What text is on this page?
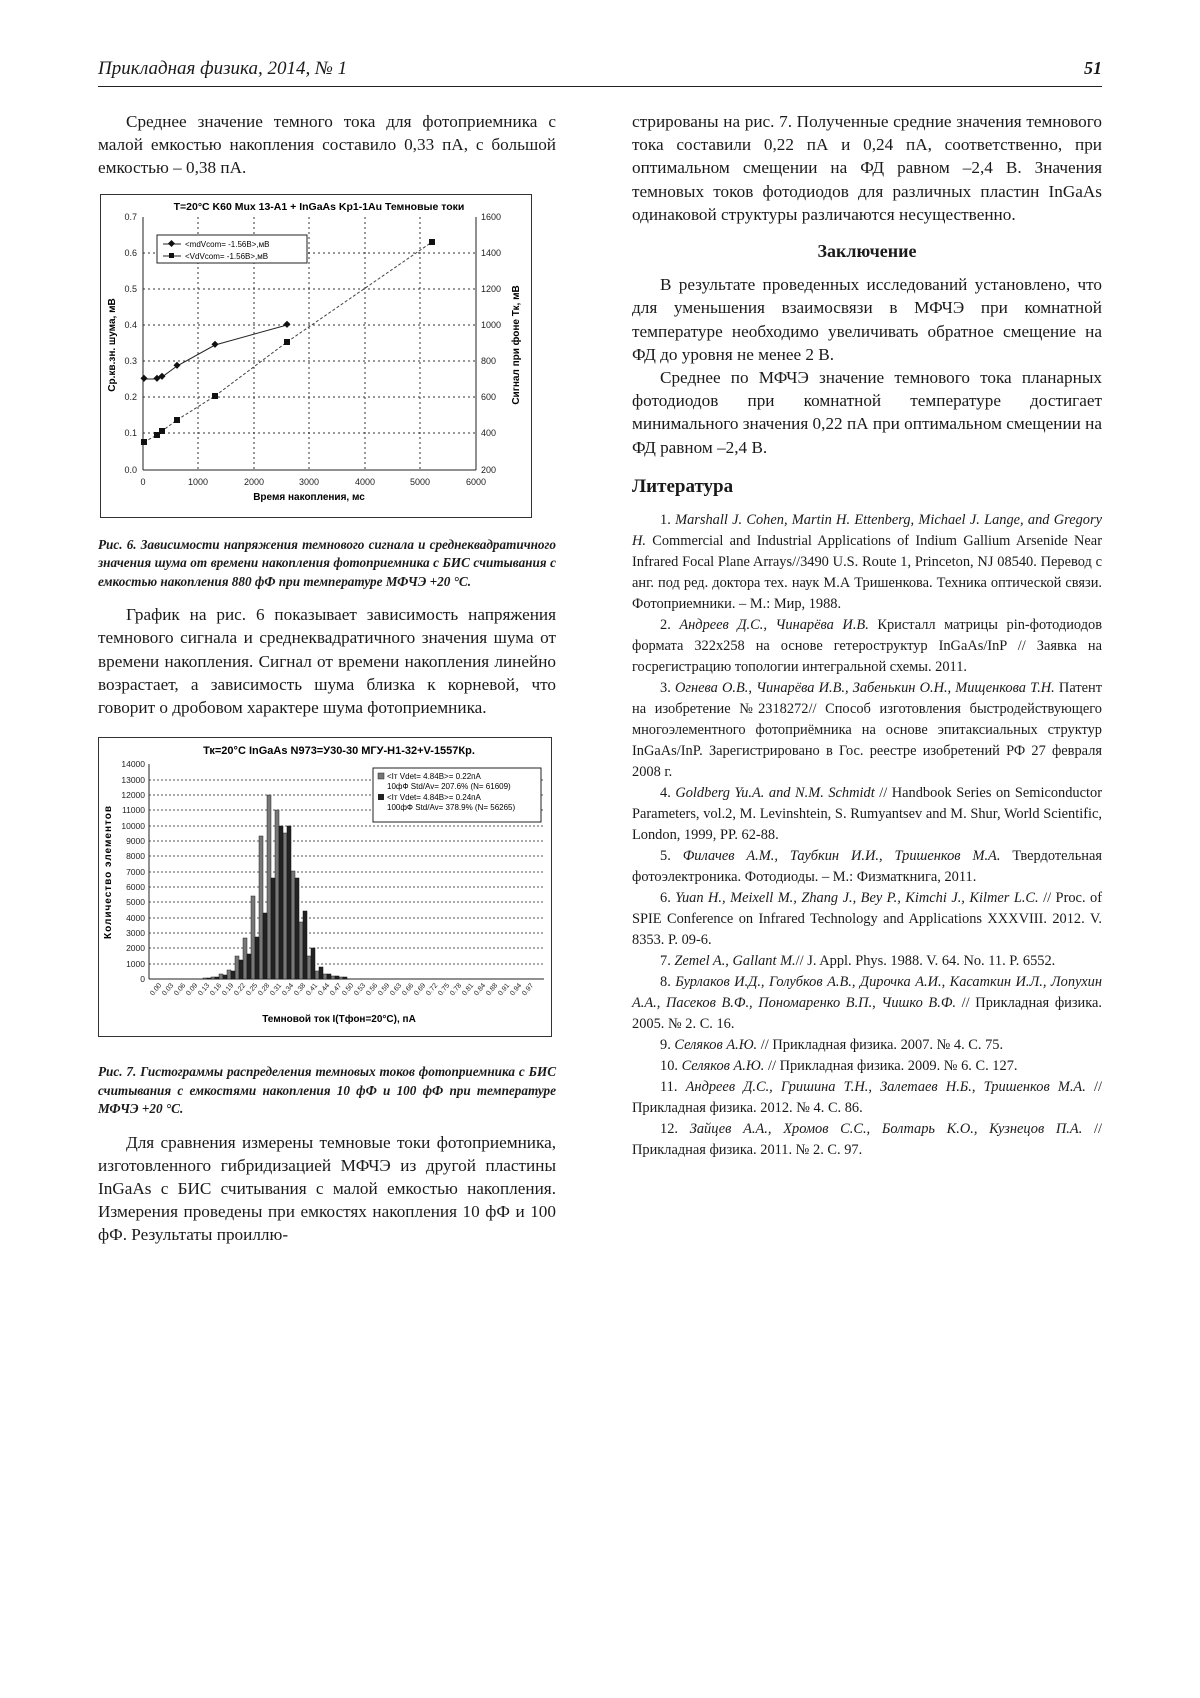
Прикладная физика, 2014, № 1	51

Среднее значение темного тока для фотоприемника с малой емкостью накопления составило 0,33 пА, с большой емкостью – 0,38 пА.

T=20°C K60 Mux 13-A1 + InGaAs Kp1-1Au Темновые токи
0.7
0.6
0.5
0.4
0.3
0.2
0.1
0.0
1600
1400
1200
1000
800
600
400
200
0	1000	2000	3000	4000	5000	6000
Время накопления, мс
Ср.кв.зн. шума, мВ	Сигнал при фоне Тк, мВ
<mdVcom= -1.56В>,мВ
<VdVcom= -1.56В>,мВ

Рис. 6. Зависимости напряжения темнового сигнала и среднеквадратичного значения шума от времени накопления фотоприемника с БИС считывания с емкостью накопления 880 фФ при температуре МФЧЭ +20 °С.

График на рис. 6 показывает зависимость напряжения темнового сигнала и среднеквадратичного значения шума от времени накопления. Сигнал от времени накопления линейно возрастает, а зависимость шума близка к корневой, что говорит о дробовом характере шума фотоприемника.

Тк=20°C InGaAs N973=У30-30 МГУ-Н1-32+V-1557Кр.
14000
13000
12000
11000
10000
9000
8000
7000
6000
5000
4000
3000
2000
1000
0
Количество элементов
0.00
0.03
0.06
0.09
0.13
0.16
0.19
0.22
0.25
0.28
0.31
0.34
0.38
0.41
0.44
0.47
0.50
0.53
0.56
0.59
0.63
0.66
0.69
0.72
0.75
0.78
0.81
0.84
0.88
0.91
0.94
0.97
Темновой ток I(Тфон=20°C), пА
<Iт Vdet= 4.84В>= 0.22пА
10фФ Std/Av= 207.6% (N= 61609)
<Iт Vdet= 4.84В>= 0.24пА
100фФ Std/Av= 378.9% (N= 56265)

Рис. 7. Гистограммы распределения темновых токов фотоприемника с БИС считывания с емкостями накопления 10 фФ и 100 фФ при температуре МФЧЭ +20 °С.

Для сравнения измерены темновые токи фотоприемника, изготовленного гибридизацией МФЧЭ из другой пластины InGaAs с БИС считывания с малой емкостью накопления. Измерения проведены при емкостях накопления 10 фФ и 100 фФ. Результаты проиллю-

стрированы на рис. 7. Полученные средние значения темнового тока составили 0,22 пА и 0,24 пА, соответственно, при оптимальном смещении на ФД равном –2,4 В. Значения темновых токов фотодиодов для различных пластин InGaAs одинаковой структуры различаются несущественно.

Заключение

В результате проведенных исследований установлено, что для уменьшения взаимосвязи в МФЧЭ при комнатной температуре необходимо увеличивать обратное смещение на ФД до уровня не менее 2 В.

Среднее по МФЧЭ значение темнового тока планарных фотодиодов при комнатной температуре достигает минимального значения 0,22 пА при оптимальном смещении на ФД равном –2,4 В.

Литература

1. Marshall J. Cohen, Martin H. Ettenberg, Michael J. Lange, and Gregory H. Commercial and Industrial Applications of Indium Gallium Arsenide Near Infrared Focal Plane Arrays//3490 U.S. Route 1, Princeton, NJ 08540. Перевод с анг. под ред. доктора тех. наук М.А Тришенкова. Техника оптической связи. Фотоприемники. – М.: Мир, 1988.

2. Андреев Д.С., Чинарёва И.В. Кристалл матрицы pin-фотодиодов формата 322х258 на основе гетероструктур InGaAs/InP // Заявка на госрегистрацию топологии интегральной схемы. 2011.

3. Огнева О.В., Чинарёва И.В., Забенькин О.Н., Мищенкова Т.Н. Патент на изобретение №2318272// Способ изготовления быстродействующего многоэлементного фотоприёмника на основе эпитаксиальных структур InGaAs/InP. Зарегистрировано в Гос. реестре изобретений РФ 27 февраля 2008 г.

4. Goldberg Yu.A. and N.M. Schmidt // Handbook Series on Semiconductor Parameters, vol.2, M. Levinshtein, S. Rumyantsev and M. Shur, World Scientific, London, 1999, PP. 62-88.

5. Филачев А.М., Таубкин И.И., Тришенков М.А. Твердотельная фотоэлектроника. Фотодиоды. – М.: Физматкнига, 2011.

6. Yuan H., Meixell M., Zhang J., Bey P., Kimchi J., Kilmer L.C. // Proc. of SPIE Conference on Infrared Technology and Applications XXXVIII. 2012. V. 8353. P. 09-6.

7. Zemel A., Gallant M.// J. Appl. Phys. 1988. V. 64. No. 11. P. 6552.

8. Бурлаков И.Д., Голубков А.В., Дирочка А.И., Касаткин И.Л., Лопухин А.А., Пасеков В.Ф., Пономаренко В.П., Чишко В.Ф. // Прикладная физика. 2005. № 2. С. 16.

9. Селяков А.Ю. // Прикладная физика. 2007. № 4. С. 75.

10. Селяков А.Ю. // Прикладная физика. 2009. № 6. С. 127.

11. Андреев Д.С., Гришина Т.Н., Залетаев Н.Б., Тришенков М.А. // Прикладная физика. 2012. № 4. С. 86.

12. Зайцев А.А., Хромов С.С., Болтарь К.О., Кузнецов П.А. // Прикладная физика. 2011. № 2. С. 97.
